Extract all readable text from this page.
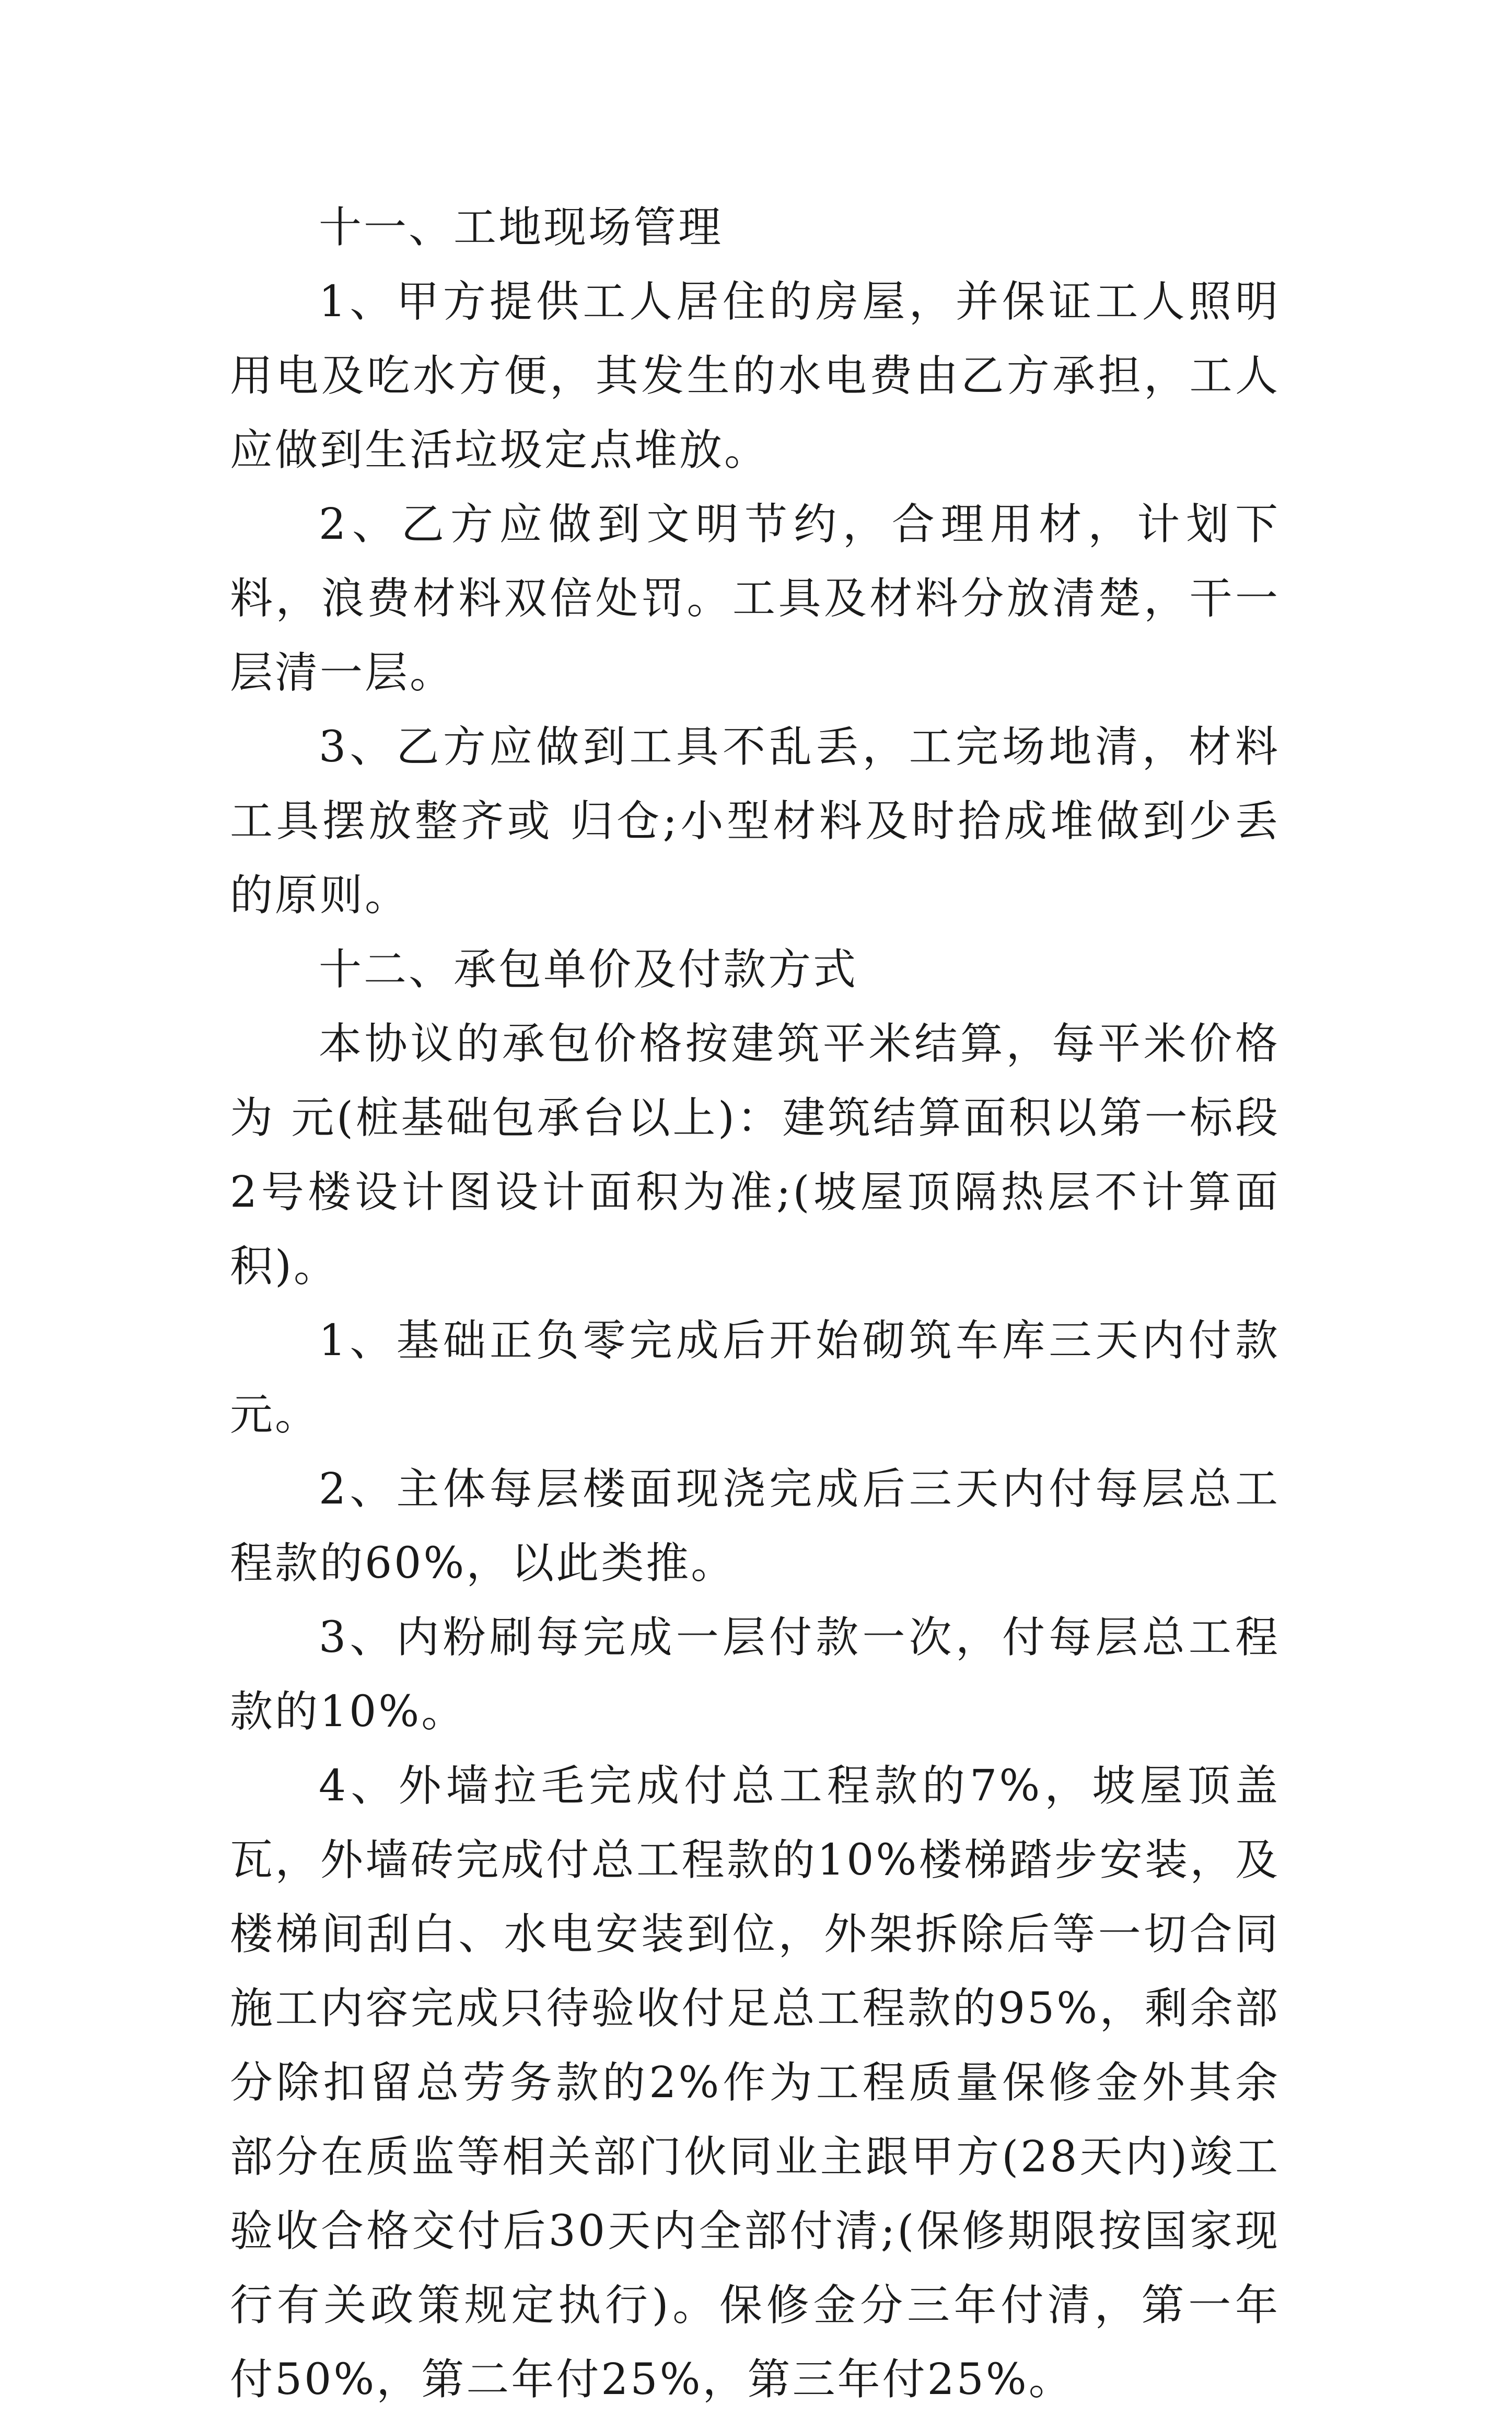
十一、工地现场管理

1、甲方提供工人居住的房屋，并保证工人照明用电及吃水方便，其发生的水电费由乙方承担，工人应做到生活垃圾定点堆放。

2、乙方应做到文明节约，合理用材，计划下料，浪费材料双倍处罚。工具及材料分放清楚，干一层清一层。

3、乙方应做到工具不乱丢，工完场地清，材料工具摆放整齐或 归仓;小型材料及时拾成堆做到少丢的原则。

十二、承包单价及付款方式

本协议的承包价格按建筑平米结算，每平米价格为 元(桩基础包承台以上)：建筑结算面积以第一标段2号楼设计图设计面积为准;(坡屋顶隔热层不计算面积)。

1、基础正负零完成后开始砌筑车库三天内付款 元。

2、主体每层楼面现浇完成后三天内付每层总工程款的60%，以此类推。

3、内粉刷每完成一层付款一次，付每层总工程款的10%。

4、外墙拉毛完成付总工程款的7%，坡屋顶盖瓦，外墙砖完成付总工程款的10%楼梯踏步安装，及楼梯间刮白、水电安装到位，外架拆除后等一切合同施工内容完成只待验收付足总工程款的95%，剩余部分除扣留总劳务款的2%作为工程质量保修金外其余部分在质监等相关部门伙同业主跟甲方(28天内)竣工验收合格交付后30天内全部付清;(保修期限按国家现行有关政策规定执行)。保修金分三年付清，第一年付50%，第二年付25%，第三年付25%。
